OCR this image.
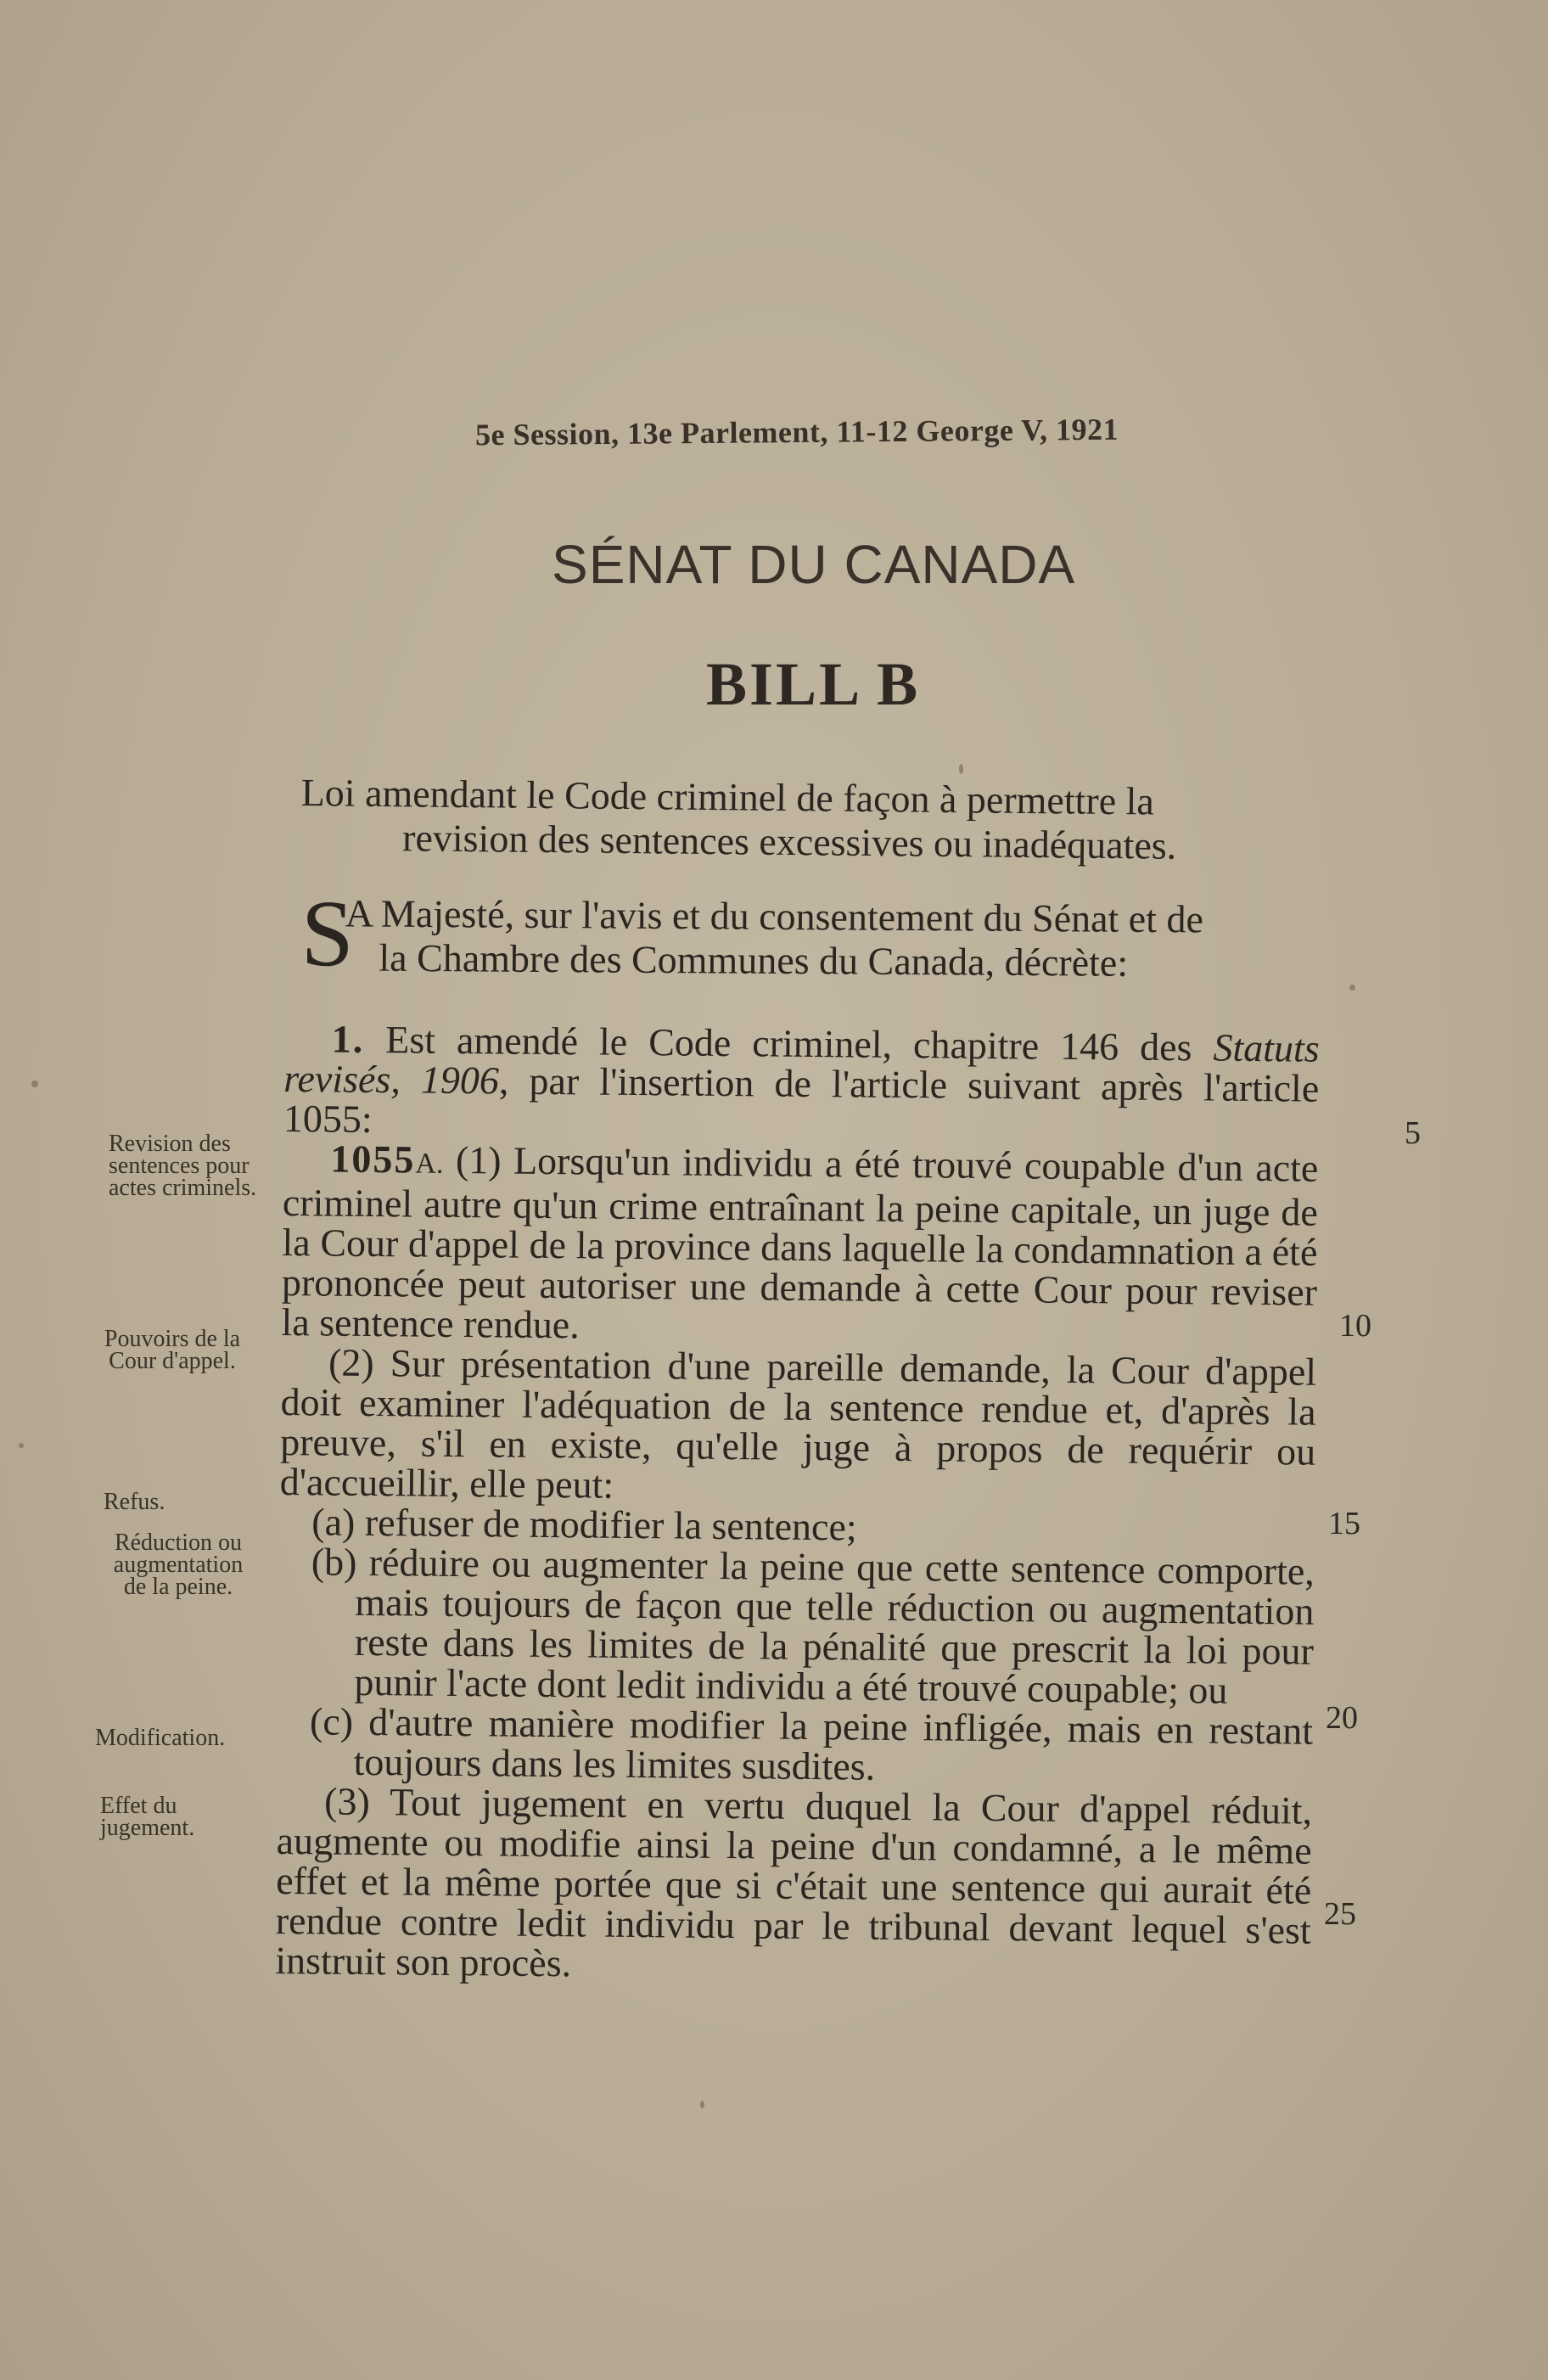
5e Session, 13e Parlement, 11-12 George V, 1921

SÉNAT DU CANADA

BILL B

Loi amendant le Code criminel de façon à permettre la
revision des sentences excessives ou inadéquates.
S
A Majesté, sur l'avis et du consentement du Sénat et de
la Chambre des Communes du Canada, décrète:

1. Est amendé le Code criminel, chapitre 146 des Statuts revisés, 1906, par l'insertion de l'article suivant après l'article 1055:

1055A. (1) Lorsqu'un individu a été trouvé coupable d'un acte criminel autre qu'un crime entraînant la peine capitale, un juge de la Cour d'appel de la province dans laquelle la condamnation a été prononcée peut autoriser une demande à cette Cour pour reviser la sentence rendue.

(2) Sur présentation d'une pareille demande, la Cour d'appel doit examiner l'adéquation de la sentence rendue et, d'après la preuve, s'il en existe, qu'elle juge à propos de requérir ou d'accueillir, elle peut:

(a) refuser de modifier la sentence;

(b) réduire ou augmenter la peine que cette sentence comporte, mais toujours de façon que telle réduction ou augmentation reste dans les limites de la pénalité que prescrit la loi pour punir l'acte dont ledit individu a été trouvé coupable; ou

(c) d'autre manière modifier la peine infligée, mais en restant toujours dans les limites susdites.

(3) Tout jugement en vertu duquel la Cour d'appel réduit, augmente ou modifie ainsi la peine d'un condamné, a le même effet et la même portée que si c'était une sentence qui aurait été rendue contre ledit individu par le tribunal devant lequel s'est instruit son procès.

Revision des sentences pour actes criminels.

Pouvoirs de la Cour d'appel.

Refus.

Réduction ou augmentation de la peine.

Modification.

Effet du jugement.

5
10
15
20
25
